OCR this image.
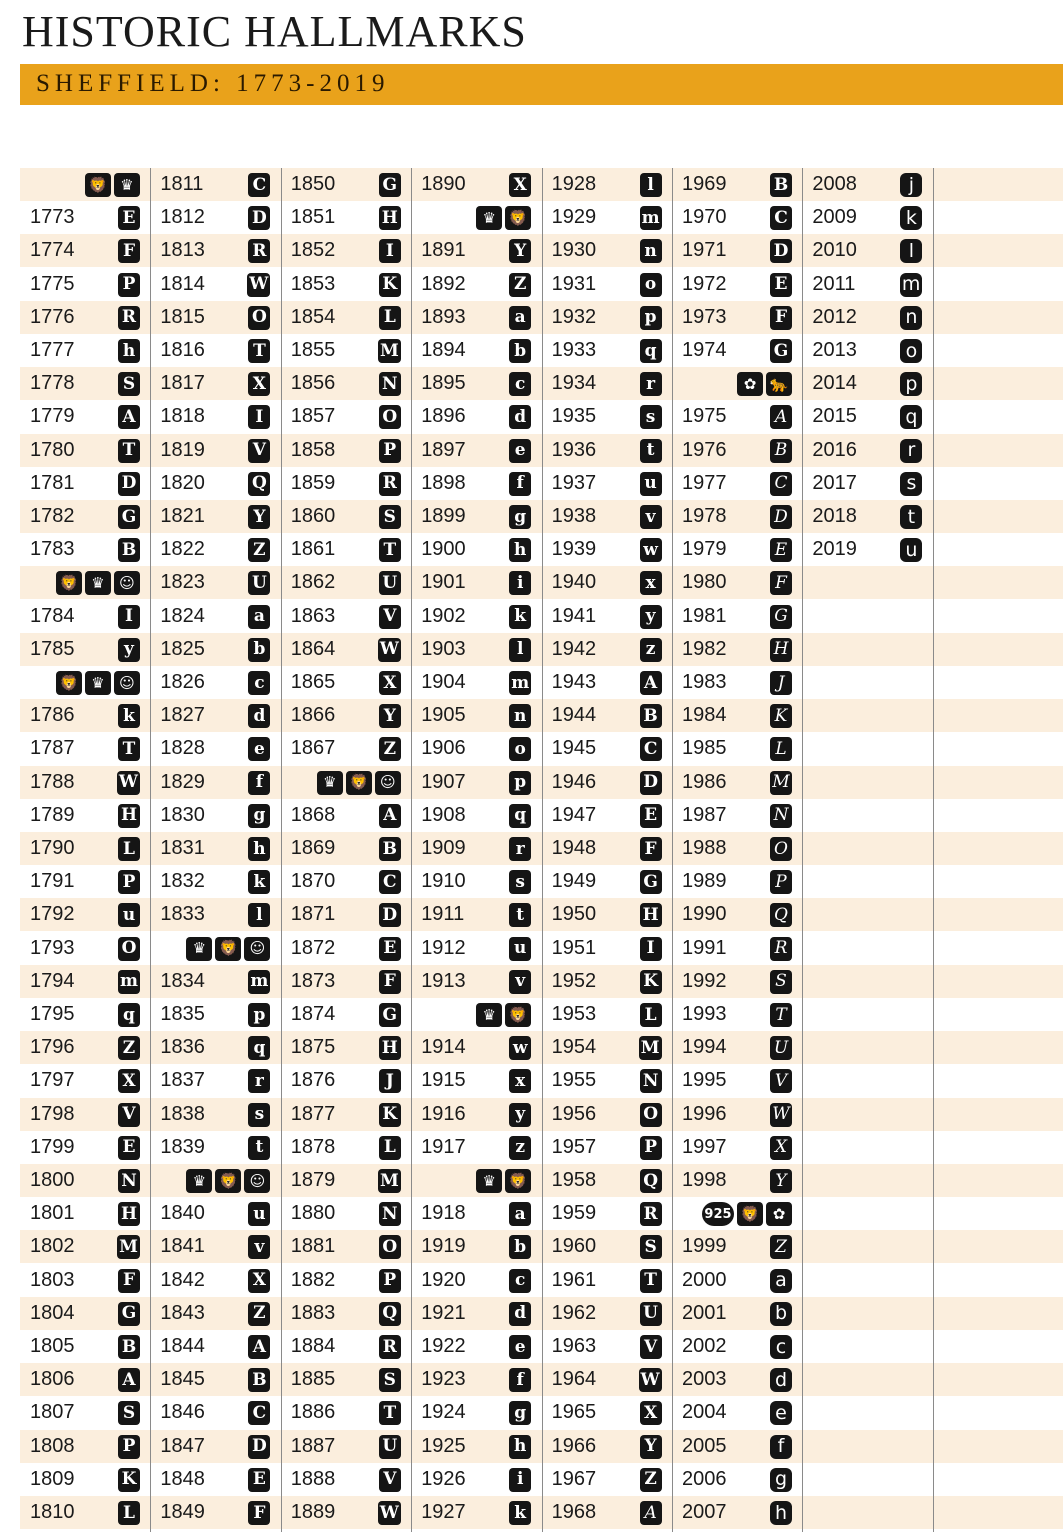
HISTORIC HALLMARKS
SHEFFIELD: 1773-2019
🦁 ♛
1773	E
1774	F
1775	P
1776	R
1777	h
1778	S
1779	A
1780	T
1781	D
1782	G
1783	B
🦁 ♛ ☺
1784	I
1785	y
🦁 ♛ ☺
1786	k
1787	T
1788	W
1789	H
1790	L
1791	P
1792	u
1793	O
1794	m
1795	q
1796	Z
1797	X
1798	V
1799	E
1800	N
1801	H
1802	M
1803	F
1804	G
1805	B
1806	A
1807	S
1808	P
1809	K
1810	L
1811	C
1812	D
1813	R
1814	W
1815	O
1816	T
1817	X
1818	I
1819	V
1820	Q
1821	Y
1822	Z
1823	U
1824	a
1825	b
1826	c
1827	d
1828	e
1829	f
1830	g
1831	h
1832	k
1833	l
♛ 🦁 ☺
1834	m
1835	p
1836	q
1837	r
1838	s
1839	t
♛ 🦁 ☺
1840	u
1841	v
1842	X
1843	Z
1844	A
1845	B
1846	C
1847	D
1848	E
1849	F
1850	G
1851	H
1852	I
1853	K
1854	L
1855	M
1856	N
1857	O
1858	P
1859	R
1860	S
1861	T
1862	U
1863	V
1864	W
1865	X
1866	Y
1867	Z
♛ 🦁 ☺
1868	A
1869	B
1870	C
1871	D
1872	E
1873	F
1874	G
1875	H
1876	J
1877	K
1878	L
1879	M
1880	N
1881	O
1882	P
1883	Q
1884	R
1885	S
1886	T
1887	U
1888	V
1889	W
1890	X
♛ 🦁
1891	Y
1892	Z
1893	a
1894	b
1895	c
1896	d
1897	e
1898	f
1899	g
1900	h
1901	i
1902	k
1903	l
1904	m
1905	n
1906	o
1907	p
1908	q
1909	r
1910	s
1911	t
1912	u
1913	v
♛ 🦁
1914	w
1915	x
1916	y
1917	z
♛ 🦁
1918	a
1919	b
1920	c
1921	d
1922	e
1923	f
1924	g
1925	h
1926	i
1927	k
1928	l
1929	m
1930	n
1931	o
1932	p
1933	q
1934	r
1935	s
1936	t
1937	u
1938	v
1939	w
1940	x
1941	y
1942	z
1943	A
1944	B
1945	C
1946	D
1947	E
1948	F
1949	G
1950	H
1951	I
1952	K
1953	L
1954	M
1955	N
1956	O
1957	P
1958	Q
1959	R
1960	S
1961	T
1962	U
1963	V
1964	W
1965	X
1966	Y
1967	Z
1968	A
1969	B
1970	C
1971	D
1972	E
1973	F
1974	G
✿ 🐆
1975	A
1976	B
1977	C
1978	D
1979	E
1980	F
1981	G
1982	H
1983	J
1984	K
1985	L
1986	M
1987	N
1988	O
1989	P
1990	Q
1991	R
1992	S
1993	T
1994	U
1995	V
1996	W
1997	X
1998	Y
925 🦁 ✿
1999	Z
2000	a
2001	b
2002	c
2003	d
2004	e
2005	f
2006	g
2007	h
2008	j
2009	k
2010	l
2011 m
2012	n
2013	o
2014	p
2015	q
2016	r
2017	s
2018	t
2019	u
